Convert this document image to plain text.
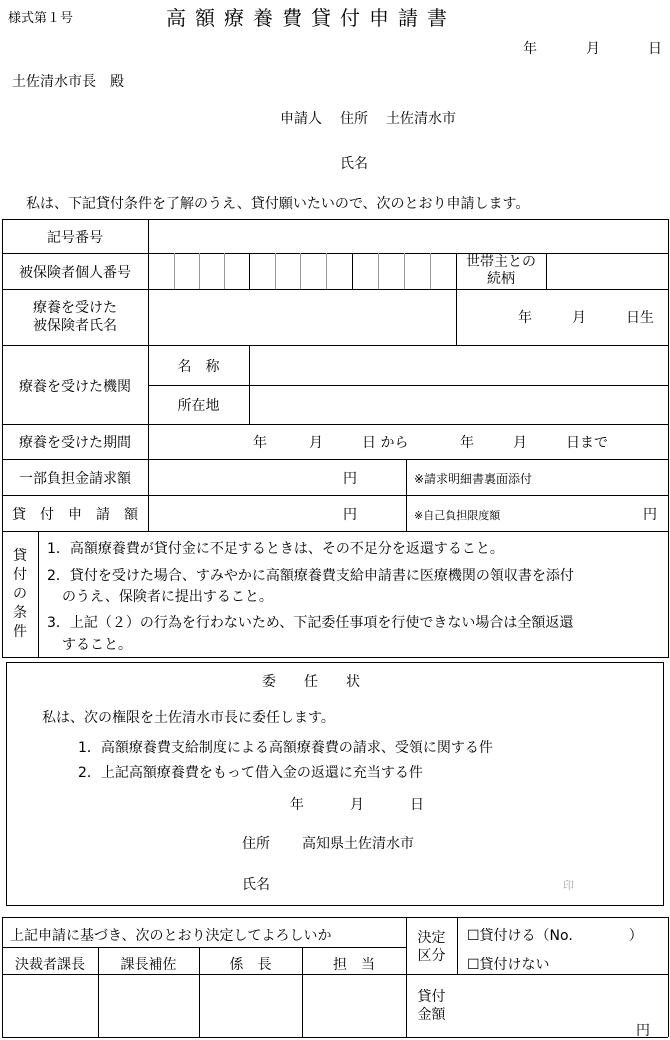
様式第１号	高額療養費貸付申請書
年	月	日
土佐清水市長　殿
申請人 住所 土佐清水市
氏名
私は、下記貸付条件を了解のうえ、貸付願いたいので、次のとおり申請します。
記号番号
被保険者個人番号
世帯主との
続柄
療養を受けた
被保険者氏名	年	月	日生
療養を受けた機関
名　称
所在地
療養を受けた期間	年	月	日 から	年	月	日まで
一部負担金請求額	円	※請求明細書裏面添付
貸　付　申　請　額	円	※自己負担限度額	円
貸
付
の
条
件
1．高額療養費が貸付金に不足するときは、その不足分を返還すること。
2．貸付を受けた場合、すみやかに高額療養費支給申請書に医療機関の領収書を添付
のうえ、保険者に提出すること。
3．上記（２）の行為を行わないため、下記委任事項を行使できない場合は全額返還
すること。
委　　任　　状
私は、次の権限を土佐清水市長に委任します。
1．高額療養費支給制度による高額療養費の請求、受領に関する件
2．上記高額療養費をもって借入金の返還に充当する件
年	月	日
住所 高知県土佐清水市
氏名	印
上記申請に基づき、次のとおり決定してよろしいか
決裁者課長	課長補佐	係　長	担　当
決定
区分
☐貸付ける（No.　　　　）
☐貸付けない
貸付
金額
円
